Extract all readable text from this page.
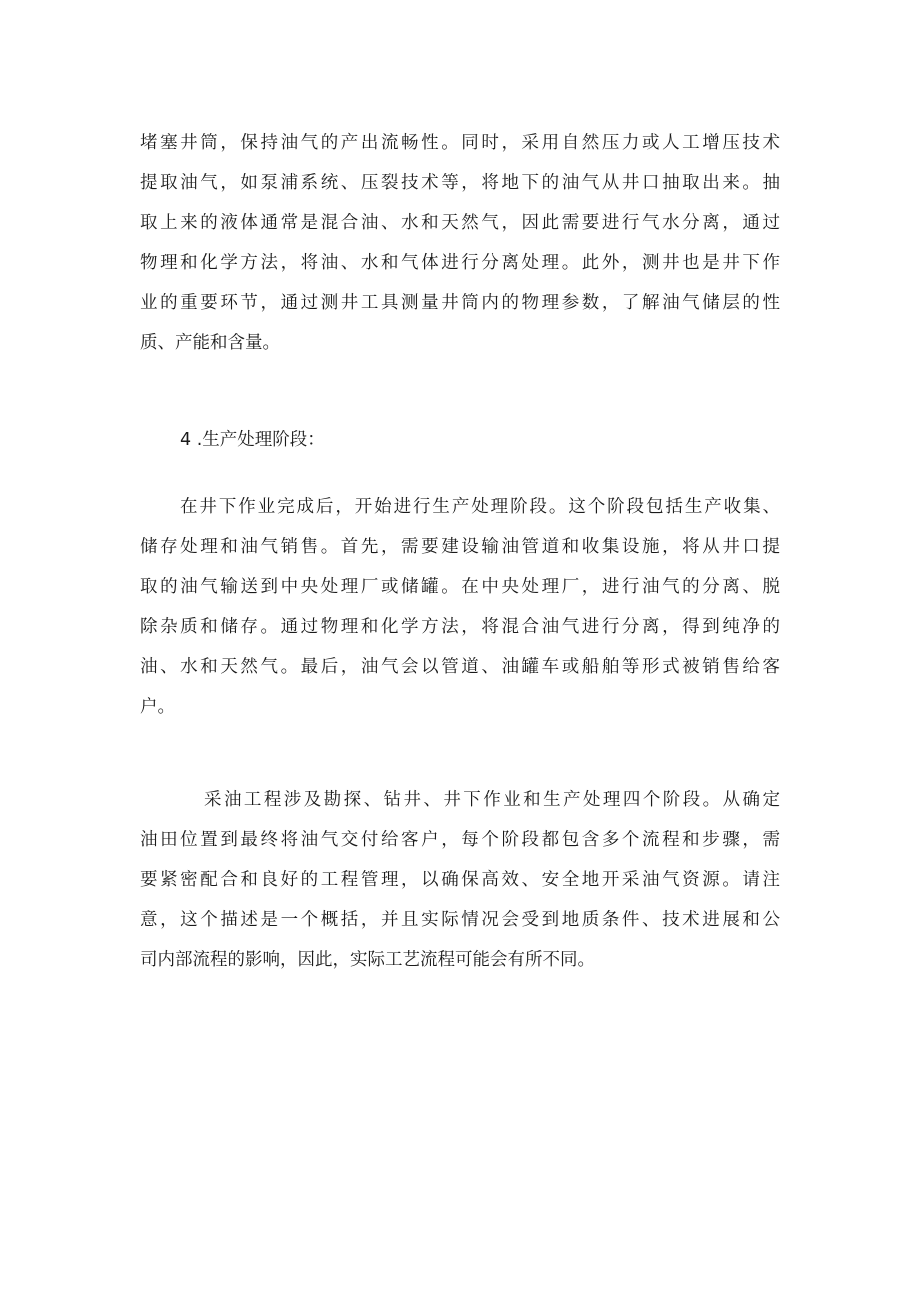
堵塞井筒，保持油气的产出流畅性。同时，采用自然压力或人工增压技术
提取油气，如泵浦系统、压裂技术等，将地下的油气从井口抽取出来。抽
取上来的液体通常是混合油、水和天然气，因此需要进行气水分离，通过
物理和化学方法，将油、水和气体进行分离处理。此外，测井也是井下作
业的重要环节，通过测井工具测量井筒内的物理参数，了解油气储层的性
质、产能和含量。
4 .生产处理阶段：
在井下作业完成后，开始进行生产处理阶段。这个阶段包括生产收集、
储存处理和油气销售。首先，需要建设输油管道和收集设施，将从井口提
取的油气输送到中央处理厂或储罐。在中央处理厂，进行油气的分离、脱
除杂质和储存。通过物理和化学方法，将混合油气进行分离，得到纯净的
油、水和天然气。最后，油气会以管道、油罐车或船舶等形式被销售给客
户。
采油工程涉及勘探、钻井、井下作业和生产处理四个阶段。从确定
油田位置到最终将油气交付给客户，每个阶段都包含多个流程和步骤，需
要紧密配合和良好的工程管理，以确保高效、安全地开采油气资源。请注
意，这个描述是一个概括，并且实际情况会受到地质条件、技术进展和公
司内部流程的影响，因此，实际工艺流程可能会有所不同。
